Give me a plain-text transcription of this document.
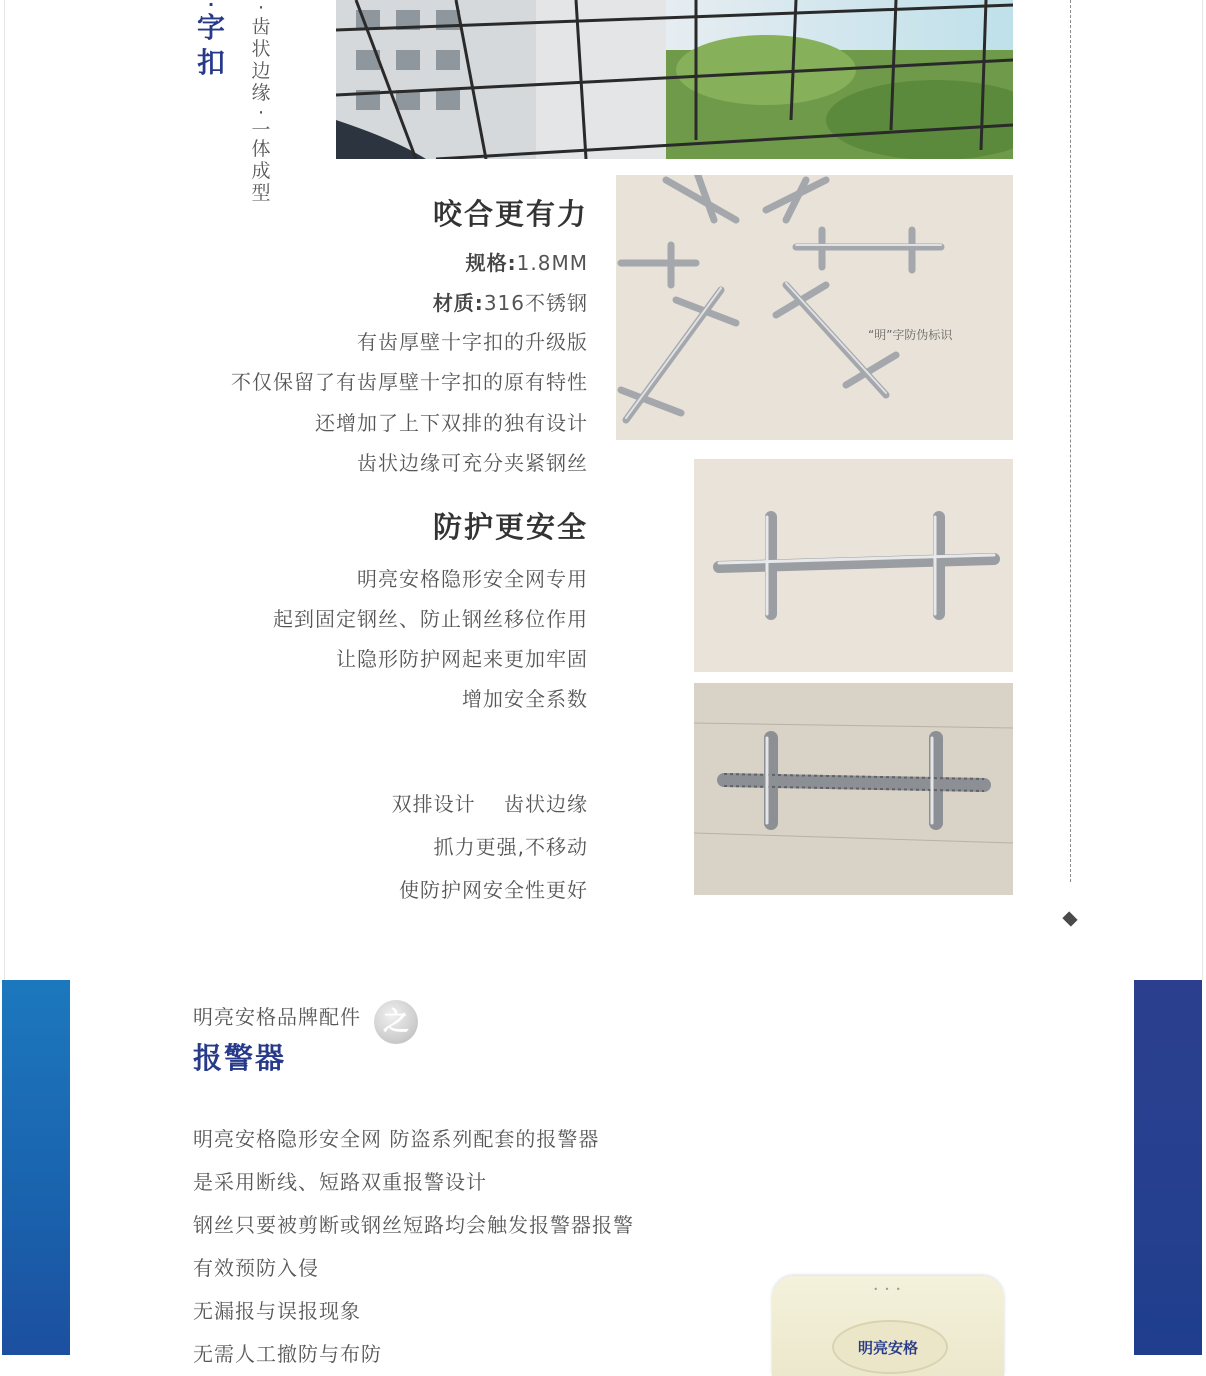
·
字
扣
·
齿
状
边
缘
·
一
体
成
型
“明”字防伪标识
咬合更有力
规格:1.8MM
材质:316不锈钢
有齿厚壁十字扣的升级版
不仅保留了有齿厚壁十字扣的原有特性
还增加了上下双排的独有设计
齿状边缘可充分夹紧钢丝
防护更安全
明亮安格隐形安全网专用
起到固定钢丝、防止钢丝移位作用
让隐形防护网起来更加牢固
增加安全系数
双排设计　 齿状边缘
抓力更强,不移动
使防护网安全性更好
明亮安格品牌配件 之
报警器
明亮安格隐形安全网 防盗系列配套的报警器
是采用断线、短路双重报警设计
钢丝只要被剪断或钢丝短路均会触发报警器报警
有效预防入侵
无漏报与误报现象
无需人工撤防与布防
• • •
明亮安格
